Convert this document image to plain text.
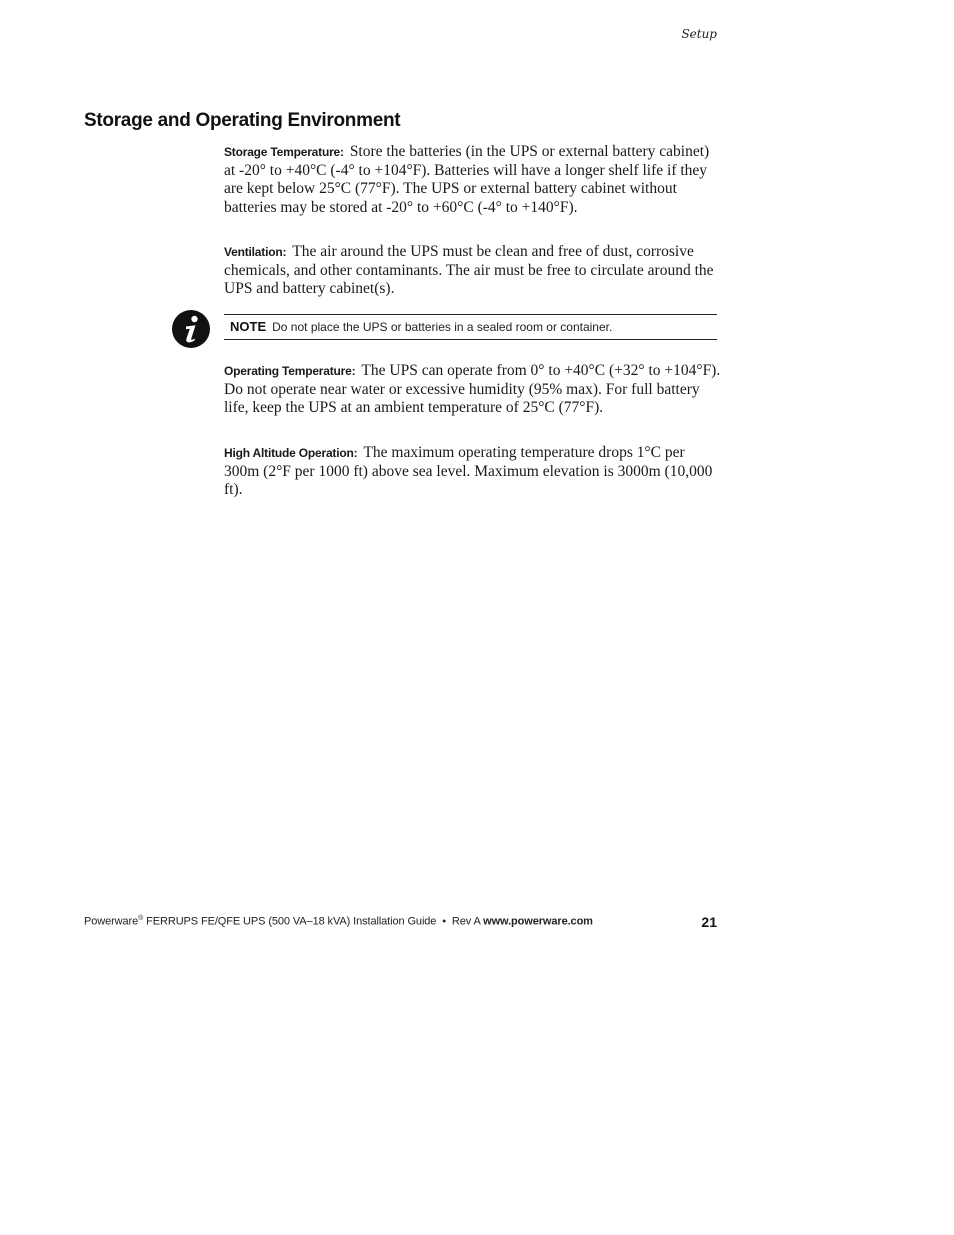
Setup
Storage and Operating Environment

Storage Temperature: Store the batteries (in the UPS or external battery cabinet) at -20° to +40°C (-4° to +104°F). Batteries will have a longer shelf life if they are kept below 25°C (77°F). The UPS or external battery cabinet without batteries may be stored at -20° to +60°C (-4° to +140°F).

Ventilation: The air around the UPS must be clean and free of dust, corrosive chemicals, and other contaminants. The air must be free to circulate around the UPS and battery cabinet(s).

NOTE Do not place the UPS or batteries in a sealed room or container.

Operating Temperature: The UPS can operate from 0° to +40°C (+32° to +104°F). Do not operate near water or excessive humidity (95% max). For full battery life, keep the UPS at an ambient temperature of 25°C (77°F).

High Altitude Operation: The maximum operating temperature drops 1°C per 300m (2°F per 1000 ft) above sea level. Maximum elevation is 3000m (10,000 ft).

Powerware® FERRUPS FE/QFE UPS (500 VA–18 kVA) Installation Guide  •  Rev A www.powerware.com	21
